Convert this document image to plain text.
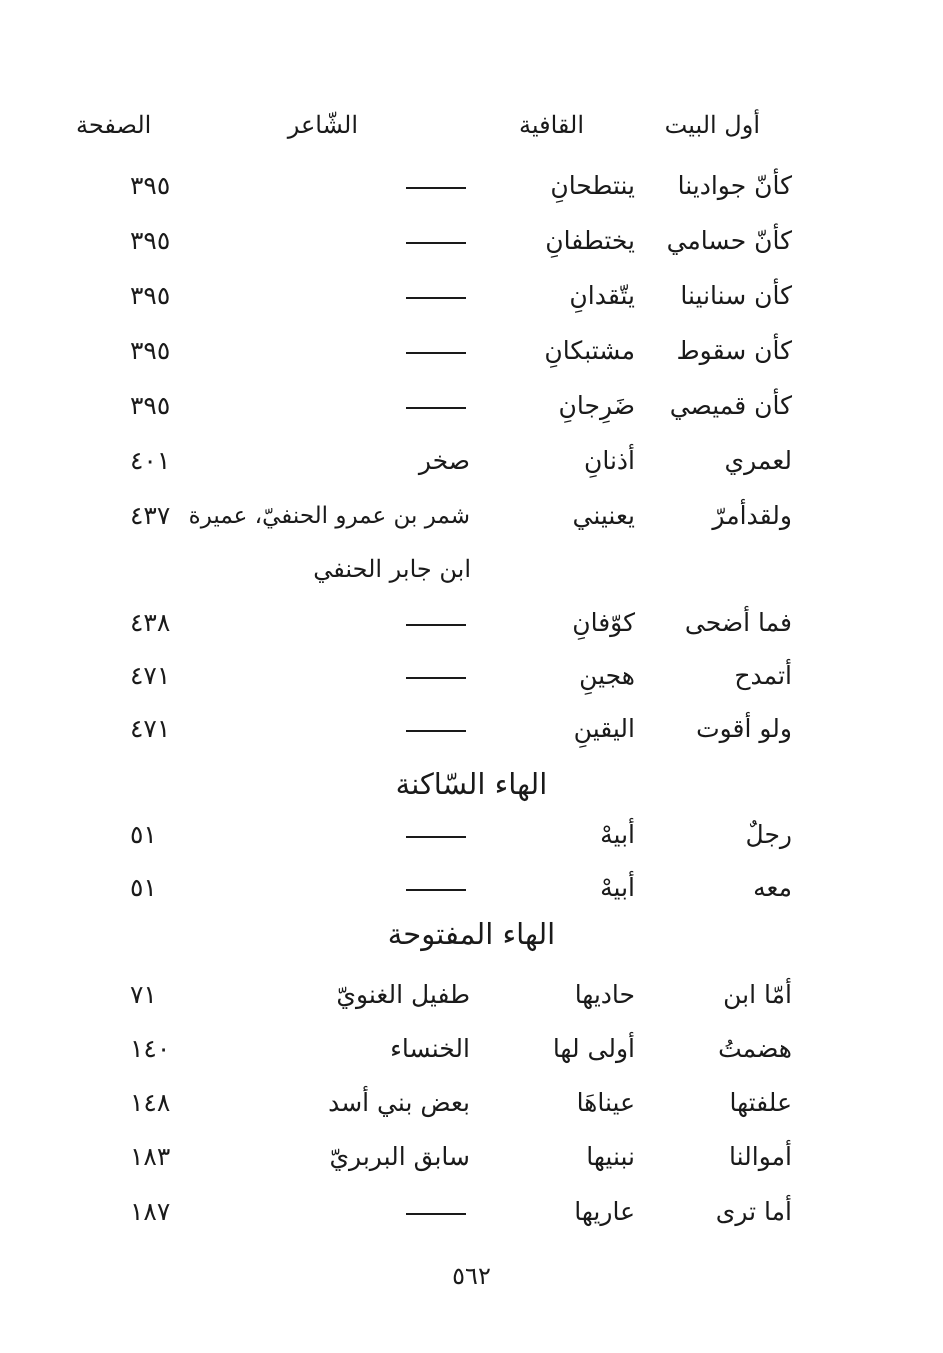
أول البيت
القافية
الشّاعر
الصفحة
كأنّ جوادينا
ينتطحانِ
٣٩٥
كأنّ حسامي
يختطفانِ
٣٩٥
كأن سنانينا
يتّقدانِ
٣٩٥
كأن سقوط
مشتبكانِ
٣٩٥
كأن قميصي
ضَرِجانِ
٣٩٥
لعمري
أذنانِ
صخر
٤٠١
ولقدأمرّ
يعنيني
شمر بن عمرو الحنفيّ، عميرة
٤٣٧
ابن جابر الحنفي
فما أضحى
كوّفانِ
٤٣٨
أتمدح
هجينِ
٤٧١
ولو أقوت
اليقينِ
٤٧١
الهاء السّاكنة
رجلٌ
أبيهْ
٥١
معه
أبيهْ
٥١
الهاء المفتوحة
أمّا ابن
حاديها
طفيل الغنويّ
٧١
هضمتُ
أولى لها
الخنساء
١٤٠
علفتها
عيناهَا
بعض بني أسد
١٤٨
أموالنا
نبنيها
سابق البربريّ
١٨٣
أما ترى
عاريها
١٨٧
٥٦٢
